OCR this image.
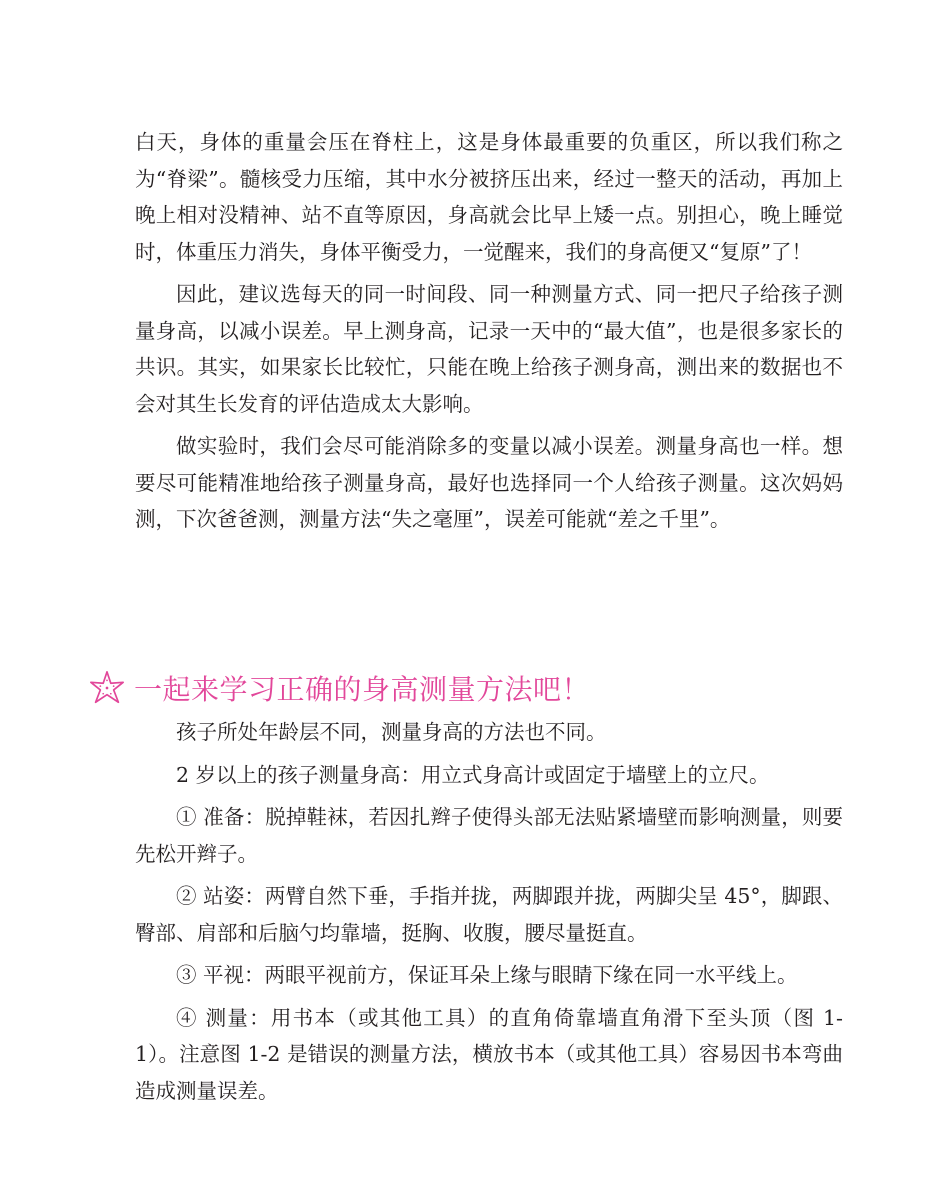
白天，身体的重量会压在脊柱上，这是身体最重要的负重区，所以我们称之为“脊梁”。髓核受力压缩，其中水分被挤压出来，经过一整天的活动，再加上晚上相对没精神、站不直等原因，身高就会比早上矮一点。别担心，晚上睡觉时，体重压力消失，身体平衡受力，一觉醒来，我们的身高便又“复原”了！

因此，建议选每天的同一时间段、同一种测量方式、同一把尺子给孩子测量身高，以减小误差。早上测身高，记录一天中的“最大值”，也是很多家长的共识。其实，如果家长比较忙，只能在晚上给孩子测身高，测出来的数据也不会对其生长发育的评估造成太大影响。

做实验时，我们会尽可能消除多的变量以减小误差。测量身高也一样。想要尽可能精准地给孩子测量身高，最好也选择同一个人给孩子测量。这次妈妈测，下次爸爸测，测量方法“失之毫厘”，误差可能就“差之千里”。

一起来学习正确的身高测量方法吧！

孩子所处年龄层不同，测量身高的方法也不同。

2 岁以上的孩子测量身高：用立式身高计或固定于墙壁上的立尺。

① 准备：脱掉鞋袜，若因扎辫子使得头部无法贴紧墙壁而影响测量，则要先松开辫子。

② 站姿：两臂自然下垂，手指并拢，两脚跟并拢，两脚尖呈 45°，脚跟、臀部、肩部和后脑勺均靠墙，挺胸、收腹，腰尽量挺直。

③ 平视：两眼平视前方，保证耳朵上缘与眼睛下缘在同一水平线上。

④ 测量：用书本（或其他工具）的直角倚靠墙直角滑下至头顶（图 1-1）。注意图 1-2 是错误的测量方法，横放书本（或其他工具）容易因书本弯曲造成测量误差。
